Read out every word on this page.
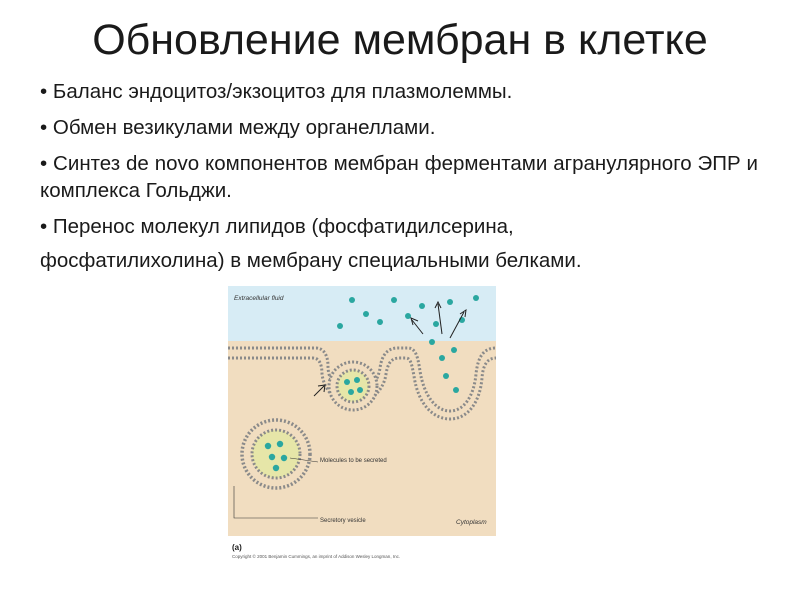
Обновление мембран в клетке
• Баланс эндоцитоз/экзоцитоз для плазмолеммы.
• Обмен везикулами между органеллами.
• Синтез de novo компонентов мембран ферментами агранулярного ЭПР и комплекса Гольджи.
• Перенос молекул липидов (фосфатидилсерина,
фосфатилихолина) в мембрану специальными белками.
Extracellular fluid
Molecules to be secreted
Secretory vesicle	Cytoplasm
(a)
Copyright © 2001 Benjamin Cummings, an imprint of Addison Wesley Longman, Inc.
